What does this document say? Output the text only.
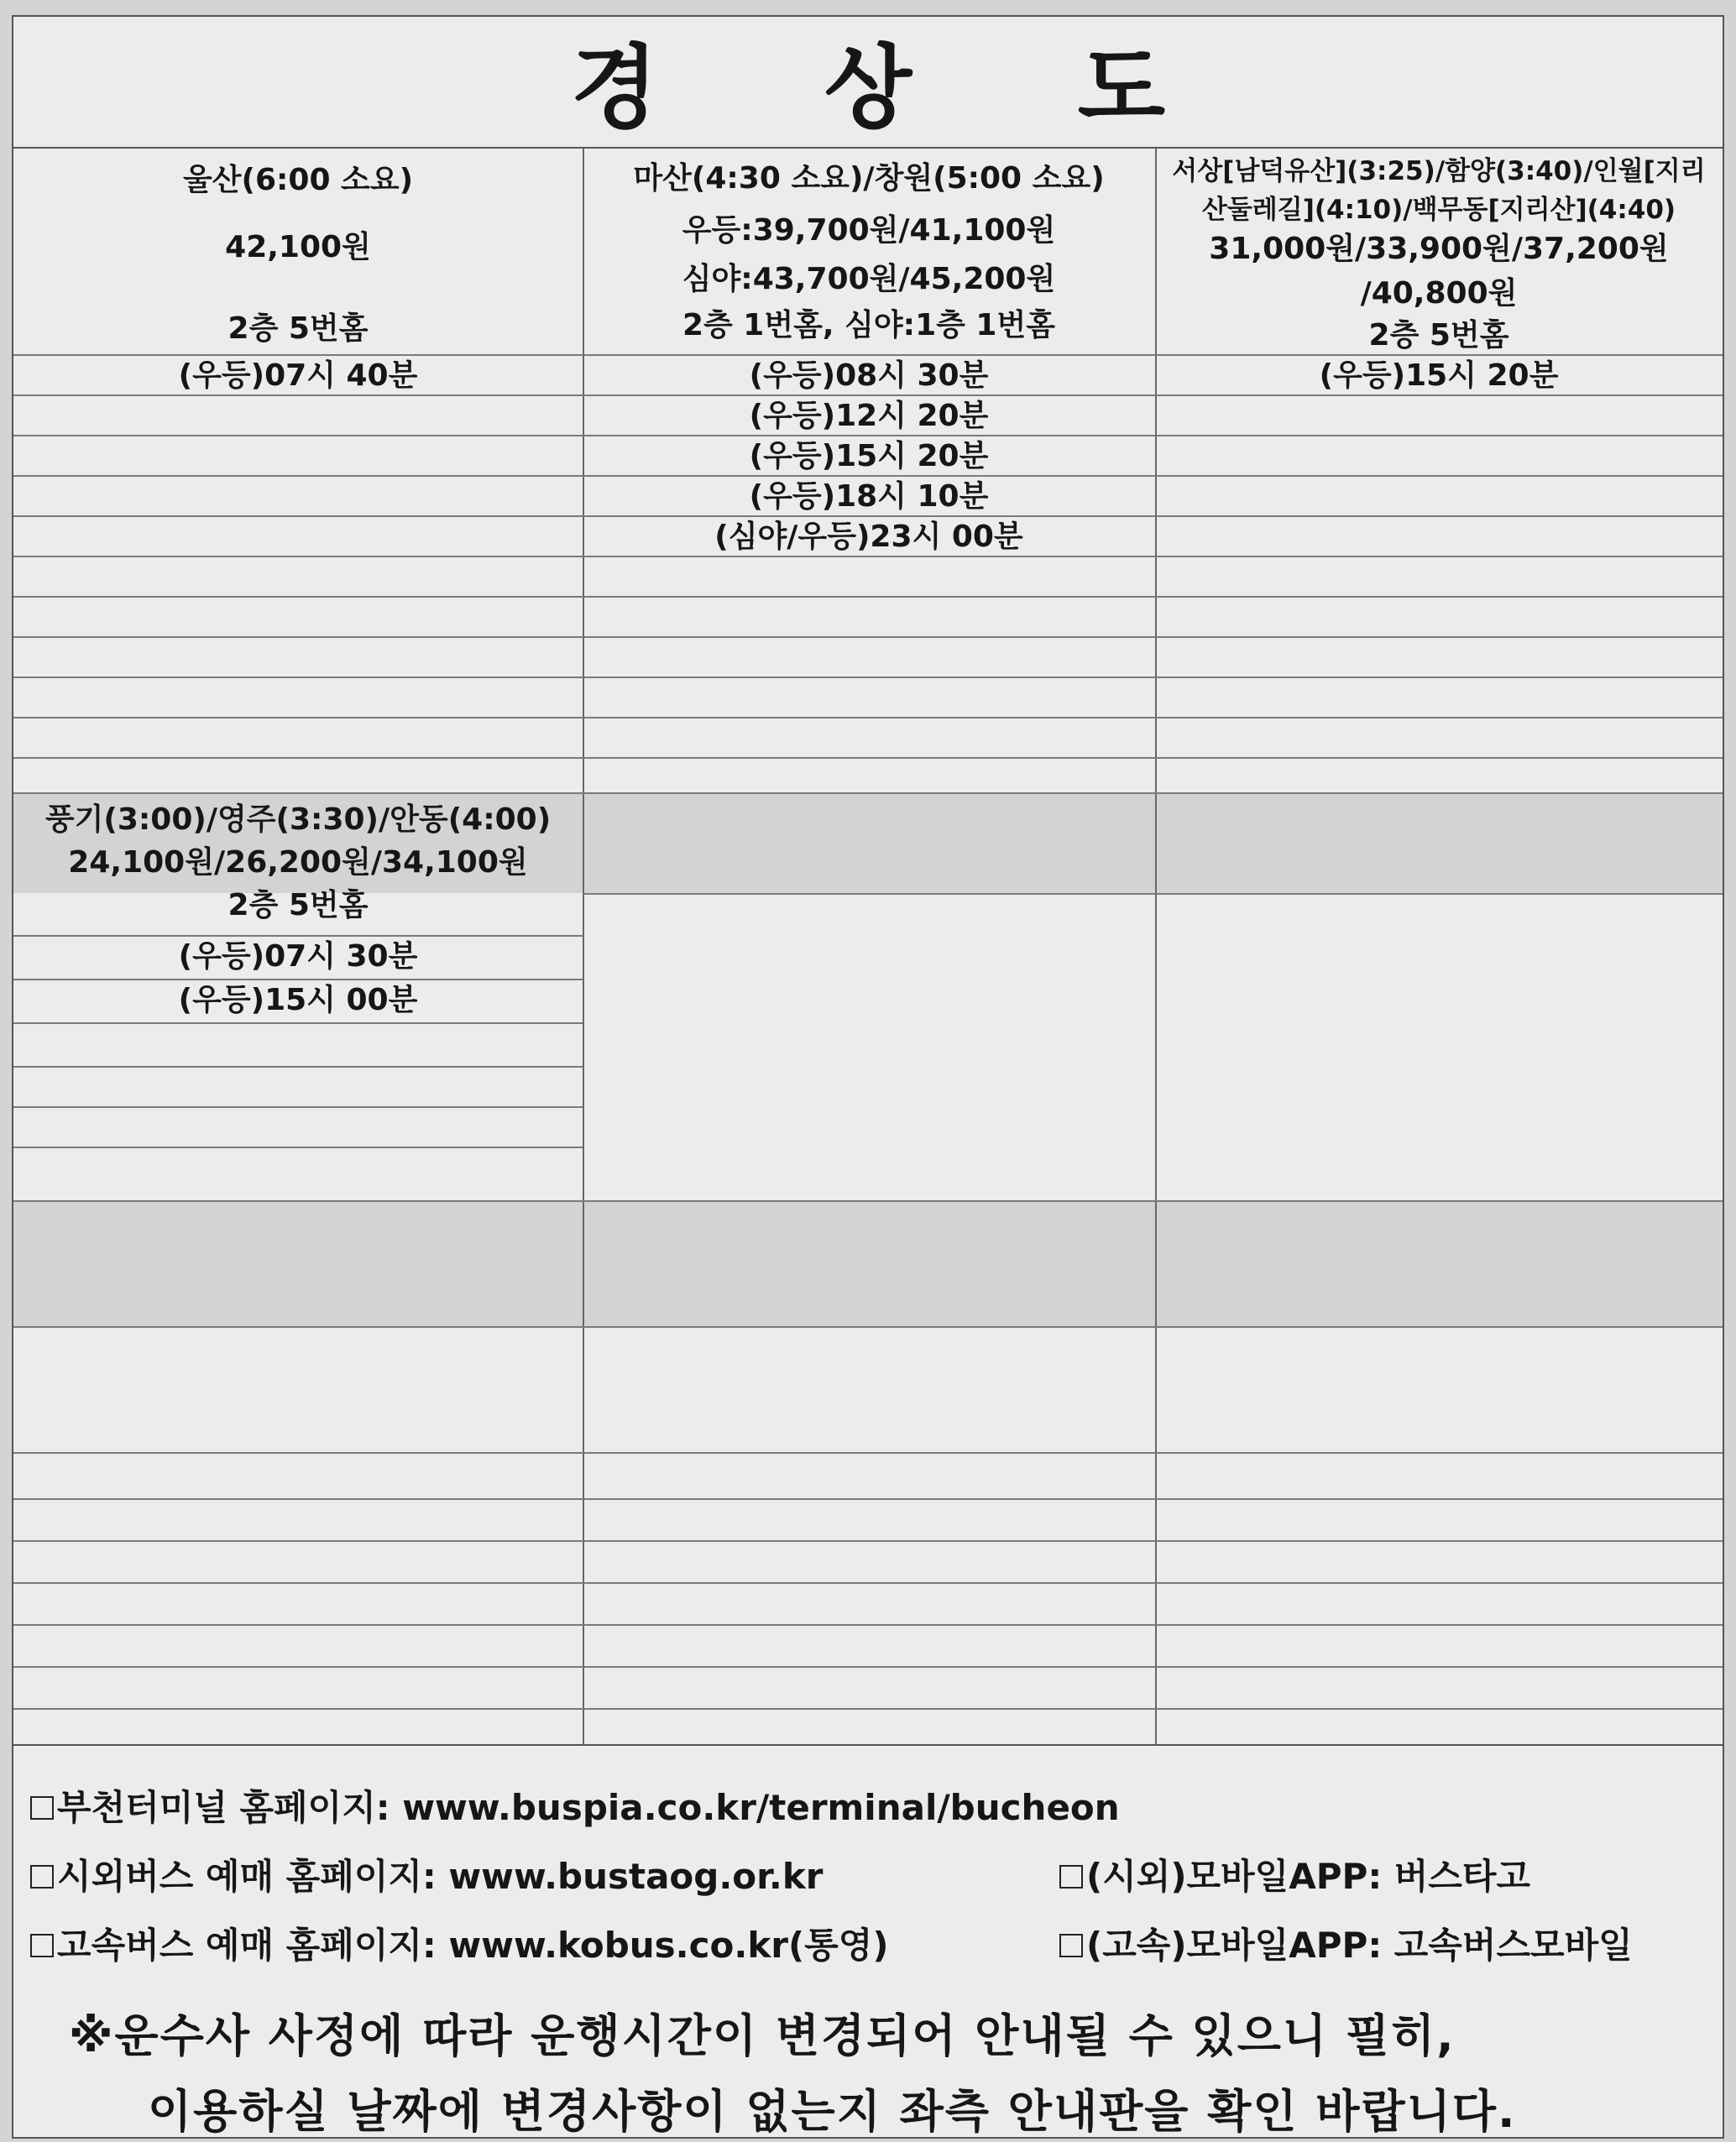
경 상 도
울산(6:00 소요)
42,100원
2층 5번홈
(우등)07시 40분
마산(4:30 소요)/창원(5:00 소요)
우등:39,700원/41,100원
심야:43,700원/45,200원
2층 1번홈, 심야:1층 1번홈
(우등)08시 30분
(우등)12시 20분
(우등)15시 20분
(우등)18시 10분
(심야/우등)23시 00분
서상[남덕유산](3:25)/함양(3:40)/인월[지리
산둘레길](4:10)/백무동[지리산](4:40)
31,000원/33,900원/37,200원
/40,800원
2층 5번홈
(우등)15시 20분
풍기(3:00)/영주(3:30)/안동(4:00)
24,100원/26,200원/34,100원
2층 5번홈
(우등)07시 30분
(우등)15시 00분
부천터미널 홈페이지: www.buspia.co.kr/terminal/bucheon
시외버스 예매 홈페이지: www.bustaog.or.kr	(시외)모바일APP: 버스타고
고속버스 예매 홈페이지: www.kobus.co.kr(통영)	(고속)모바일APP: 고속버스모바일
※운수사 사정에 따라 운행시간이 변경되어 안내될 수 있으니 필히,
이용하실 날짜에 변경사항이 없는지 좌측 안내판을 확인 바랍니다.
